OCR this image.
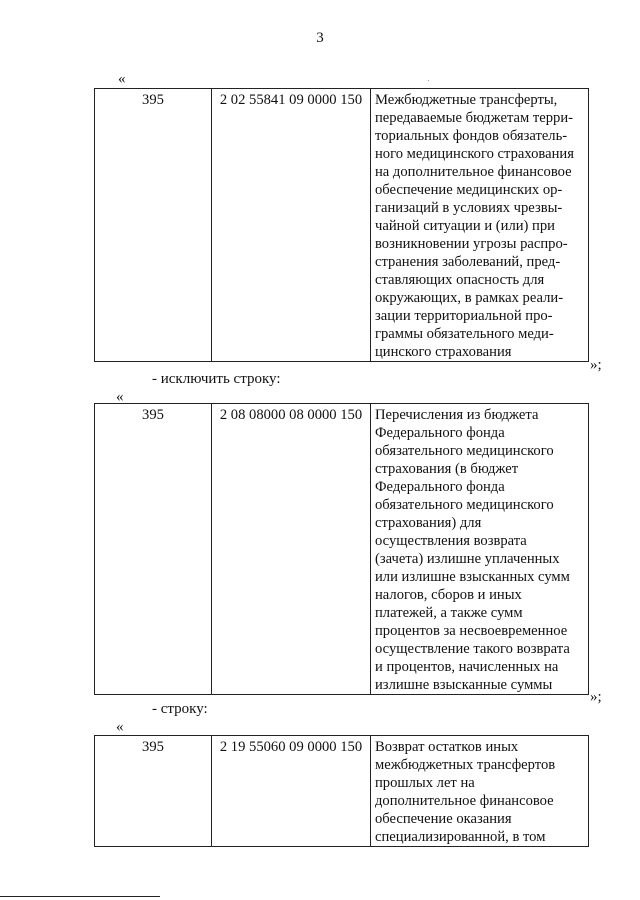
3
«
395	2 02 55841 09 0000 150	Межбюджетные трансферты,
передаваемые бюджетам терри-
ториальных фондов обязатель-
ного медицинского страхования
на дополнительное финансовое
обеспечение медицинских ор-
ганизаций в условиях чрезвы-
чайной ситуации и (или) при
возникновении угрозы распро-
странения заболеваний, пред-
ставляющих опасность для
окружающих, в рамках реали-
зации территориальной про-
граммы обязательного меди-
цинского страхования
»;
- исключить строку:
«
395	2 08 08000 08 0000 150	Перечисления из бюджета
Федерального фонда
обязательного медицинского
страхования (в бюджет
Федерального фонда
обязательного медицинского
страхования) для
осуществления возврата
(зачета) излишне уплаченных
или излишне взысканных сумм
налогов, сборов и иных
платежей, а также сумм
процентов за несвоевременное
осуществление такого возврата
и процентов, начисленных на
излишне взысканные суммы
»;
- строку:
«
395	2 19 55060 09 0000 150	Возврат остатков иных
межбюджетных трансфертов
прошлых лет на
дополнительное финансовое
обеспечение оказания
специализированной, в том
